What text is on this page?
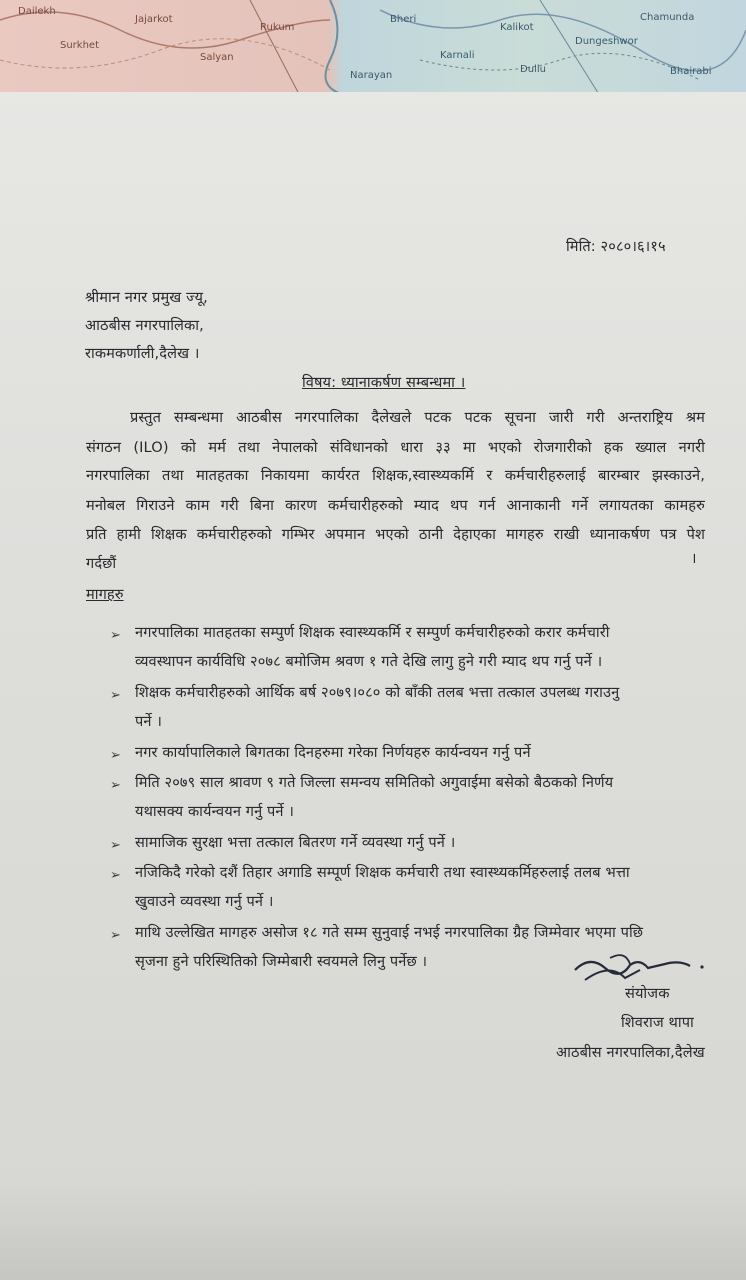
Dailekh
Surkhet
Jajarkot
Salyan
Rukum
Narayan
Bheri
Karnali
Kalikot
Dullu
Dungeshwor
Chamunda
Bhairabi
मिति: २०८०।६।१५
श्रीमान नगर प्रमुख ज्यू,
आठबीस नगरपालिका,
राकमकर्णाली,दैलेख ।
विषय: ध्यानाकर्षण सम्बन्धमा ।
प्रस्तुत सम्बन्धमा आठबीस नगरपालिका दैलेखले पटक पटक सूचना जारी गरी अन्तराष्ट्रिय श्रम
संगठन (ILO) को मर्म तथा नेपालको संविधानको धारा ३३ मा भएको रोजगारीको हक ख्याल नगरी
नगरपालिका तथा मातहतका निकायमा कार्यरत शिक्षक,स्वास्थ्यकर्मि र कर्मचारीहरुलाई बारम्बार झस्काउने,
मनोबल गिराउने काम गरी बिना कारण कर्मचारीहरुको म्याद थप गर्न आनाकानी गर्ने लगायतका कामहरु
प्रति हामी शिक्षक कर्मचारीहरुको गम्भिर अपमान भएको ठानी देहाएका मागहरु राखी ध्यानाकर्षण पत्र पेश
गर्दछौं	।
मागहरु
➢ नगरपालिका मातहतका सम्पुर्ण शिक्षक स्वास्थ्यकर्मि र सम्पुर्ण कर्मचारीहरुको करार कर्मचारी
व्यवस्थापन कार्यविधि २०७८ बमोजिम श्रवण १ गते देखि लागु हुने गरी म्याद थप गर्नु पर्ने ।
➢ शिक्षक कर्मचारीहरुको आर्थिक बर्ष २०७९।०८० को बाँकी तलब भत्ता तत्काल उपलब्ध गराउनु
पर्ने ।
➢ नगर कार्यापालिकाले बिगतका दिनहरुमा गरेका निर्णयहरु कार्यन्वयन गर्नु पर्ने
➢ मिति २०७९ साल श्रावण ९ गते जिल्ला समन्वय समितिको अगुवाईमा बसेको बैठकको निर्णय
यथासक्य कार्यन्वयन गर्नु पर्ने ।
➢ सामाजिक सुरक्षा भत्ता तत्काल बितरण गर्ने व्यवस्था गर्नु पर्ने ।
➢ नजिकिदै गरेको दशैं तिहार अगाडि सम्पूर्ण शिक्षक कर्मचारी तथा स्वास्थ्यकर्मिहरुलाई तलब भत्ता
खुवाउने व्यवस्था गर्नु पर्ने ।
➢ माथि उल्लेखित मागहरु असोज १८ गते सम्म सुनुवाई नभई नगरपालिका ग्रैह जिम्मेवार भएमा पछि
सृजना हुने परिस्थितिको जिम्मेबारी स्वयमले लिनु पर्नेछ ।
संयोजक
शिवराज थापा
आठबीस नगरपालिका,दैलेख
